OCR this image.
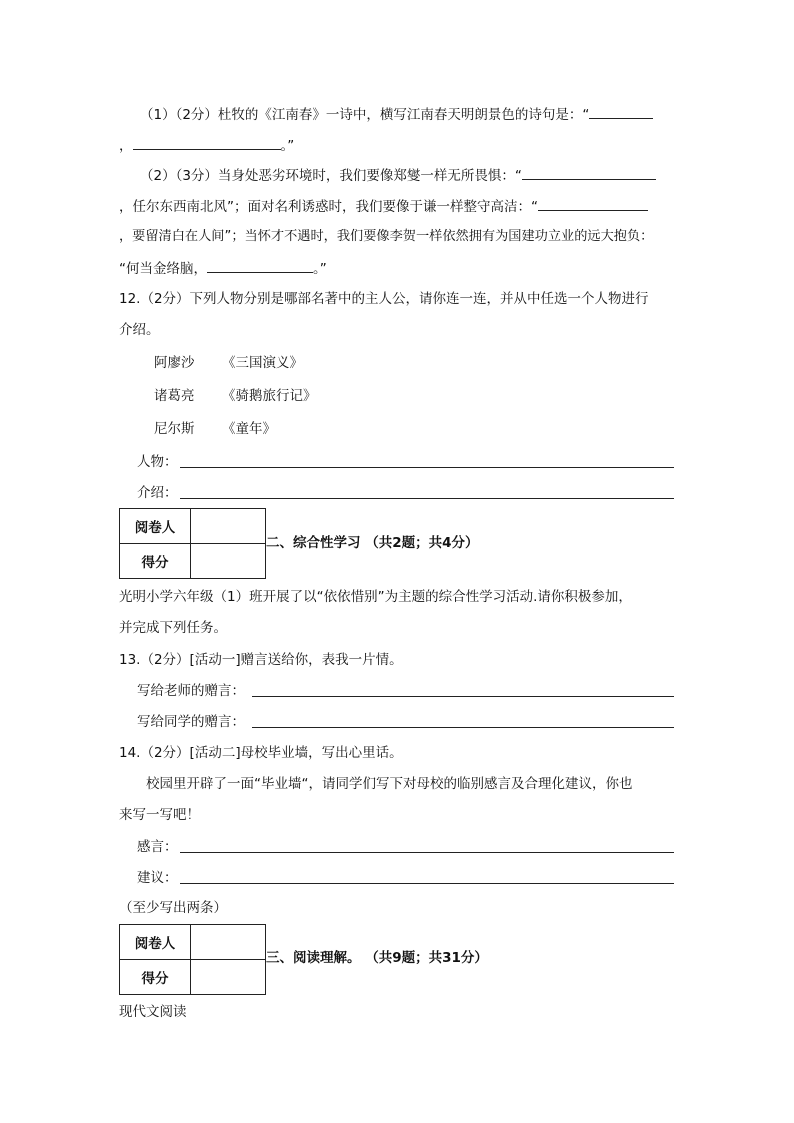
（1）（2分）杜牧的《江南春》一诗中，横写江南春天明朗景色的诗句是：“
，	。”
（2）（3分）当身处恶劣环境时，我们要像郑燮一样无所畏惧：“
，任尔东西南北风”；面对名利诱惑时，我们要像于谦一样整守高洁：“
，要留清白在人间”；当怀才不遇时，我们要像李贺一样依然拥有为国建功立业的远大抱负：
“何当金络脑，	。”
12.（2分）下列人物分别是哪部名著中的主人公，请你连一连，并从中任选一个人物进行
介绍。
阿廖沙 《三国演义》
诸葛亮 《骑鹅旅行记》
尼尔斯 《童年》
人物：
介绍：
阅卷人	
得分	
二、综合性学习 （共2题；共4分）
光明小学六年级（1）班开展了以“依依惜别”为主题的综合性学习活动.请你积极参加，
并完成下列任务。
13.（2分）[活动一]赠言送给你，表我一片情。
写给老师的赠言：
写给同学的赠言：
14.（2分）[活动二]母校毕业墙，写出心里话。
校园里开辟了一面“毕业墙“，请同学们写下对母校的临别感言及合理化建议，你也
来写一写吧！
感言：
建议：
（至少写出两条）
阅卷人	
得分	
三、阅读理解。 （共9题；共31分）
现代文阅读
